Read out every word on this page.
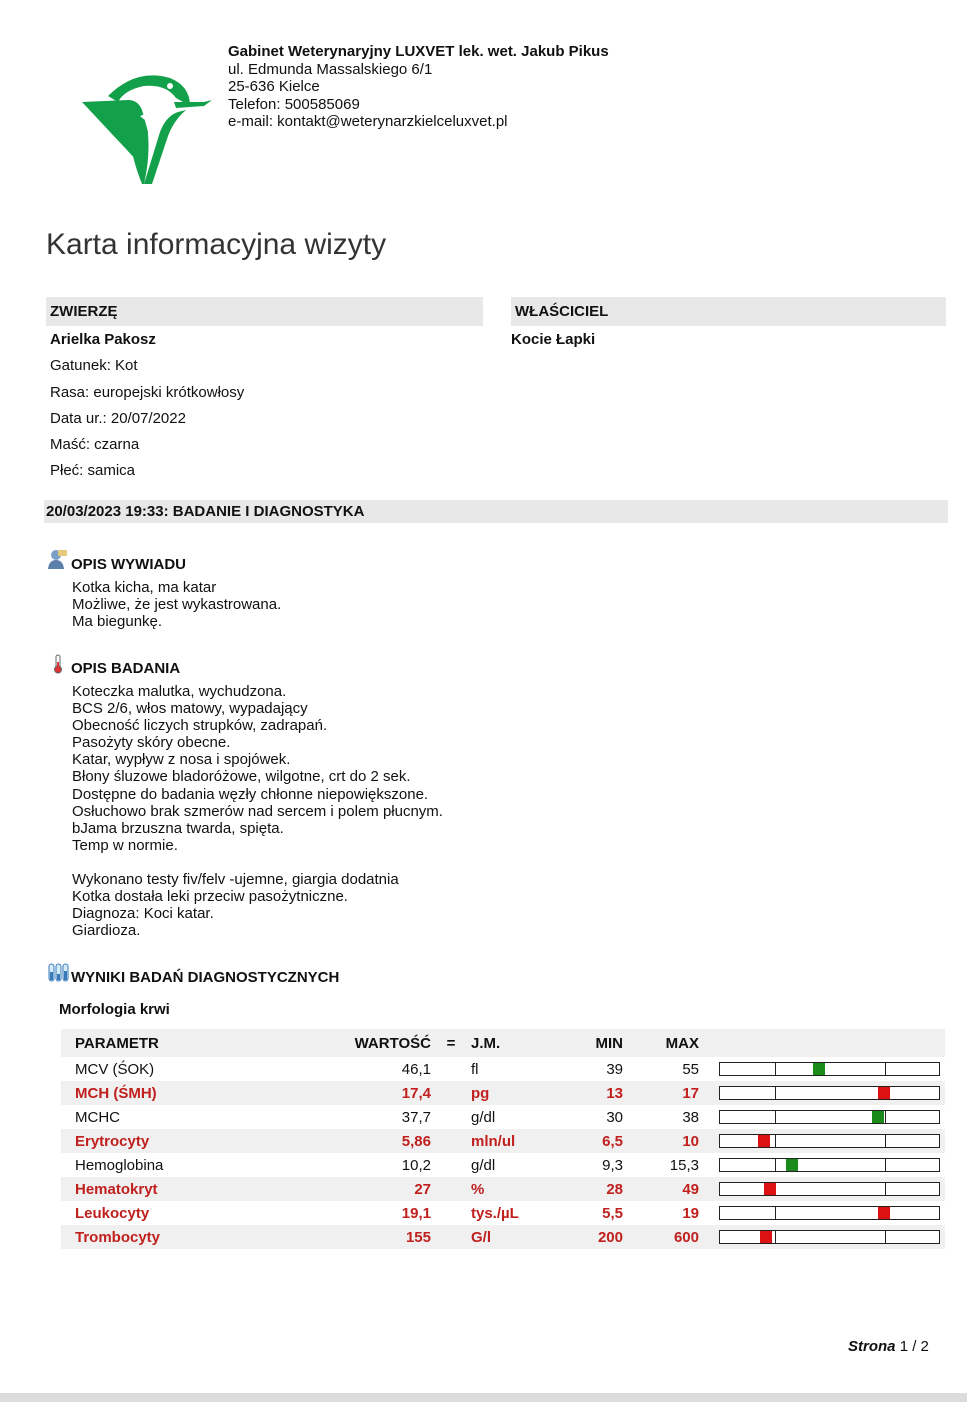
Gabinet Weterynaryjny LUXVET lek. wet. Jakub Pikus
ul. Edmunda Massalskiego 6/1
25-636 Kielce
Telefon: 500585069
e-mail: kontakt@weterynarzkielceluxvet.pl
Karta informacyjna wizyty
ZWIERZĘ	WŁAŚCICIEL
Arielka Pakosz
Gatunek: Kot
Rasa: europejski krótkowłosy
Data ur.: 20/07/2022
Maść: czarna
Płeć: samica
Kocie Łapki
20/03/2023 19:33: BADANIE I DIAGNOSTYKA
OPIS WYWIADU
Kotka kicha, ma katar
Możliwe, że jest wykastrowana.
Ma biegunkę.
OPIS BADANIA
Koteczka malutka, wychudzona.
BCS 2/6, włos matowy, wypadający
Obecność liczych strupków, zadrapań.
Pasożyty skóry obecne.
Katar, wypływ z nosa i spojówek.
Błony śluzowe bladoróżowe, wilgotne, crt do 2 sek.
Dostępne do badania węzły chłonne niepowiększone.
Osłuchowo brak szmerów nad sercem i polem płucnym.
bJama brzuszna twarda, spięta.
Temp w normie.
Wykonano testy fiv/felv -ujemne, giargia dodatnia
Kotka dostała leki przeciw pasożytniczne.
Diagnoza: Koci katar.
Giardioza.
WYNIKI BADAŃ DIAGNOSTYCZNYCH
Morfologia krwi
	PARAMETR	WARTOŚĆ	=	J.M.	MIN	MAX		
	MCV (ŚOK)	46,1		fl	39	55		

	MCH (ŚMH)	17,4		pg	13	17		

	MCHC	37,7		g/dl	30	38		

	Erytrocyty	5,86		mln/ul	6,5	10		

	Hemoglobina	10,2		g/dl	9,3	15,3		

	Hematokryt	27		%	28	49		

	Leukocyty	19,1		tys./µL	5,5	19		

	Trombocyty	155		G/l	200	600		
Strona 1 / 2
